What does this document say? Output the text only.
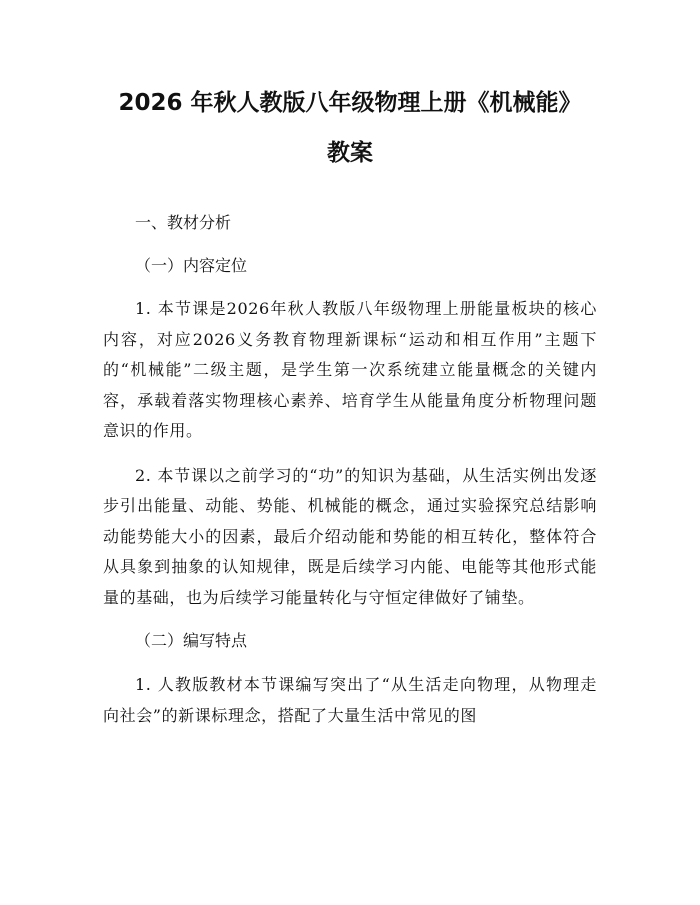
2026 年秋人教版八年级物理上册《机械能》
教案

一、教材分析

（一）内容定位

1. 本节课是2026年秋人教版八年级物理上册能量板块的核心内容，对应2026义务教育物理新课标“运动和相互作用”主题下的“机械能”二级主题，是学生第一次系统建立能量概念的关键内容，承载着落实物理核心素养、培育学生从能量角度分析物理问题意识的作用。

2. 本节课以之前学习的“功”的知识为基础，从生活实例出发逐步引出能量、动能、势能、机械能的概念，通过实验探究总结影响动能势能大小的因素，最后介绍动能和势能的相互转化，整体符合从具象到抽象的认知规律，既是后续学习内能、电能等其他形式能量的基础，也为后续学习能量转化与守恒定律做好了铺垫。

（二）编写特点

1. 人教版教材本节课编写突出了“从生活走向物理，从物理走向社会”的新课标理念，搭配了大量生活中常见的图
